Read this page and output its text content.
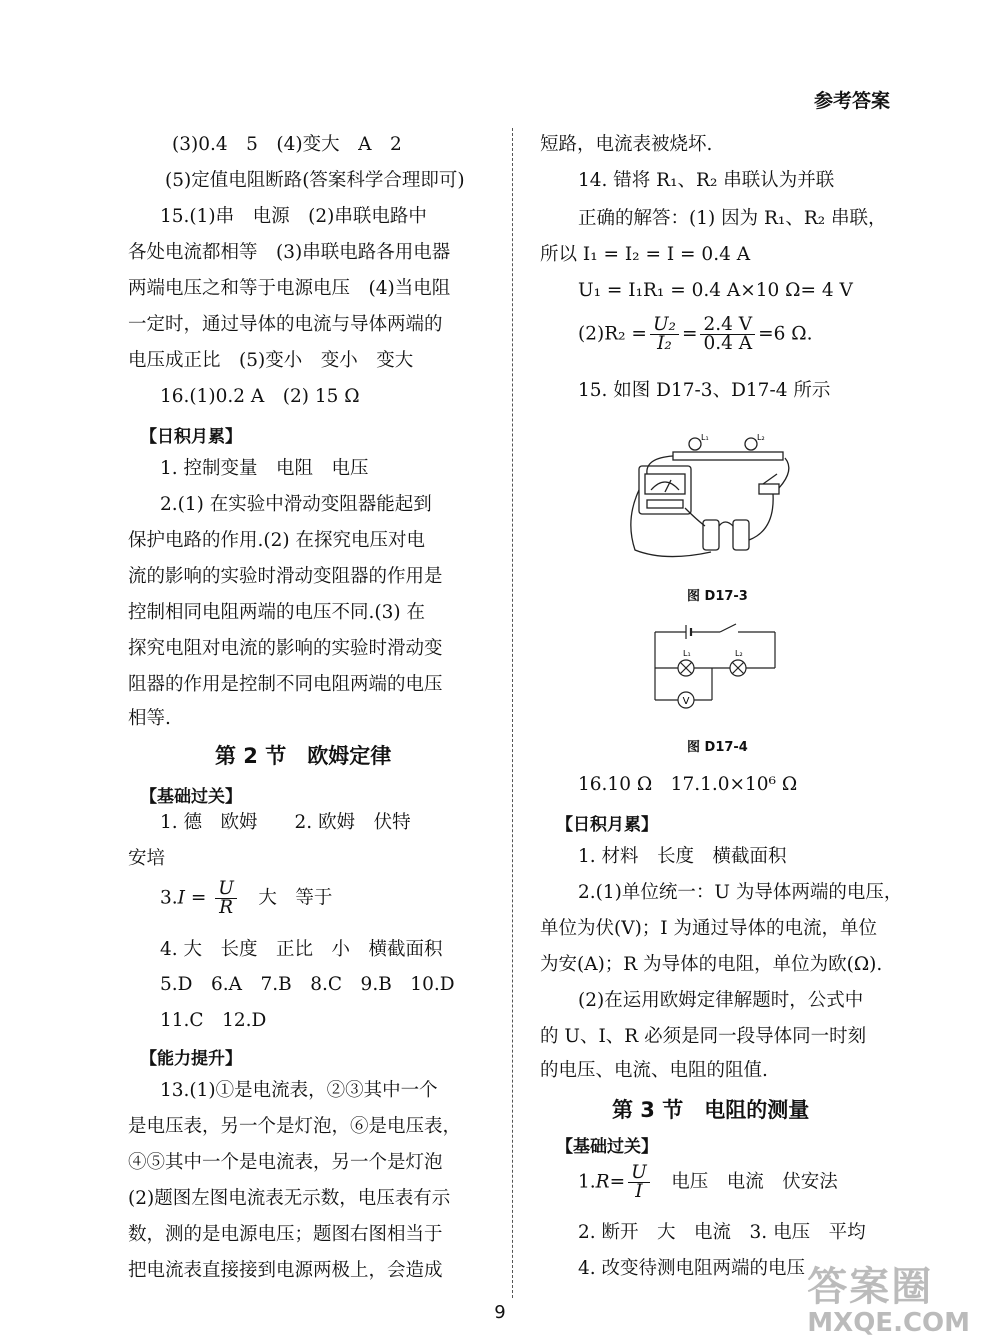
参考答案
(3)0.4　5　(4)变大　A　2
(5)定值电阻断路(答案科学合理即可)
15.(1)串　电源　(2)串联电路中
各处电流都相等　(3)串联电路各用电器
两端电压之和等于电源电压　(4)当电阻
一定时，通过导体的电流与导体两端的
电压成正比　(5)变小　变小　变大
16.(1)0.2 A　(2) 15 Ω
【日积月累】
1. 控制变量　电阻　电压
2.(1) 在实验中滑动变阻器能起到
保护电路的作用.(2) 在探究电压对电
流的影响的实验时滑动变阻器的作用是
控制相同电阻两端的电压不同.(3) 在
探究电阻对电流的影响的实验时滑动变
阻器的作用是控制不同电阻两端的电压
相等.
第 2 节　欧姆定律
【基础过关】
1. 德　欧姆　　2. 欧姆　伏特
安培
$3.I = \frac{U}{R}$ 　大　等于
4. 大　长度　正比　小　横截面积
5.D　6.A　7.B　8.C　9.B　10.D
11.C　12.D
【能力提升】
13.(1)①是电流表，②③其中一个
是电压表，另一个是灯泡，⑥是电压表，
④⑤其中一个是电流表，另一个是灯泡
(2)题图左图电流表无示数，电压表有示
数，测的是电源电压；题图右图相当于
把电流表直接接到电源两极上，会造成
短路，电流表被烧坏.
14. 错将 R₁、R₂ 串联认为并联
正确的解答：(1) 因为 R₁、R₂ 串联，
所以 I₁ = I₂ = I = 0.4 A
U₁ = I₁R₁ = 0.4 A×10 Ω= 4 V
$(2)R_2 = \frac{\text{U₂}}{\text{I₂}} = \frac{2.4 V}{0.4 A} =6$ Ω.
15. 如图 D17-3、D17-4 所示
L₁	L₂
图 D17-3
V
L₁	L₂
图 D17-4
16.10 Ω　17.1.0×10⁶ Ω
【日积月累】
1. 材料　长度　横截面积
2.(1)单位统一：U 为导体两端的电压，
单位为伏(V)；I 为通过导体的电流，单位
为安(A)；R 为导体的电阻，单位为欧(Ω).
(2)在运用欧姆定律解题时，公式中
的 U、I、R 必须是同一段导体同一时刻
的电压、电流、电阻的阻值.
第 3 节　电阻的测量
【基础过关】
$1.R= \frac{U}{I}$ 　电压　电流　伏安法
2. 断开　大　电流　3. 电压　平均
4. 改变待测电阻两端的电压
9
答案圈
MXQE.COM
